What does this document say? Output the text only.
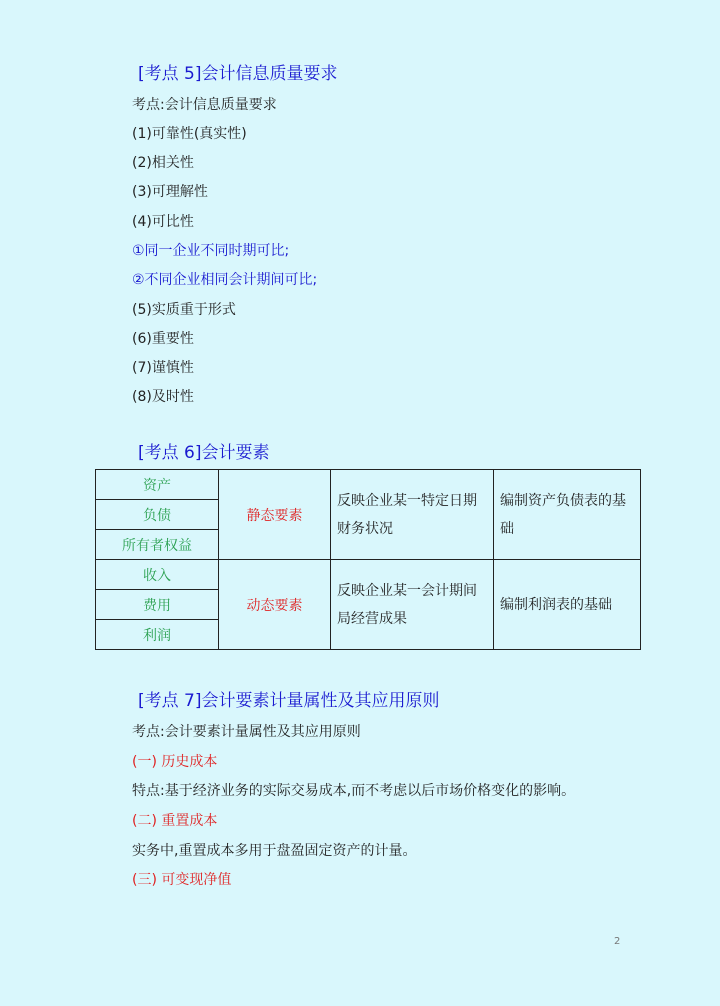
[考点 5]会计信息质量要求
考点:会计信息质量要求
(1)可靠性(真实性)
(2)相关性
(3)可理解性
(4)可比性
①同一企业不同时期可比;
②不同企业相同会计期间可比;
(5)实质重于形式
(6)重要性
(7)谨慎性
(8)及时性
[考点 6]会计要素
资产	静态要素	反映企业某一特定日期财务状况	编制资产负债表的基础
负债			
所有者权益			
收入	动态要素	反映企业某一会计期间局经营成果	编制利润表的基础
费用			
利润			
[考点 7]会计要素计量属性及其应用原则
考点:会计要素计量属性及其应用原则
(一) 历史成本
特点:基于经济业务的实际交易成本,而不考虑以后市场价格变化的影响。
(二) 重置成本
实务中,重置成本多用于盘盈固定资产的计量。
(三) 可变现净值
2
